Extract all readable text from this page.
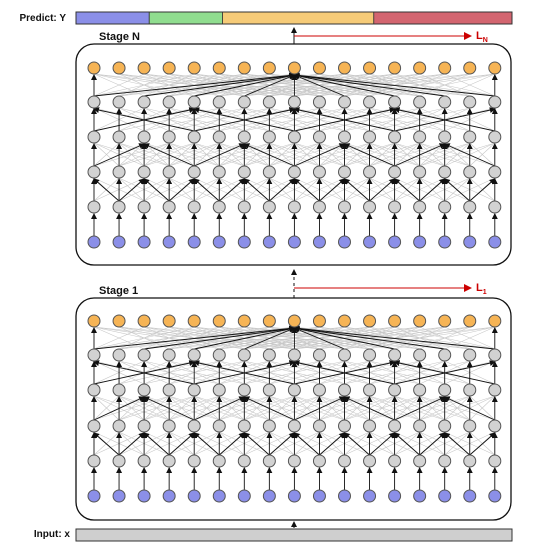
Predict: Y
Input: x
Stage N
Stage 1
$L_N$
$L_1$
